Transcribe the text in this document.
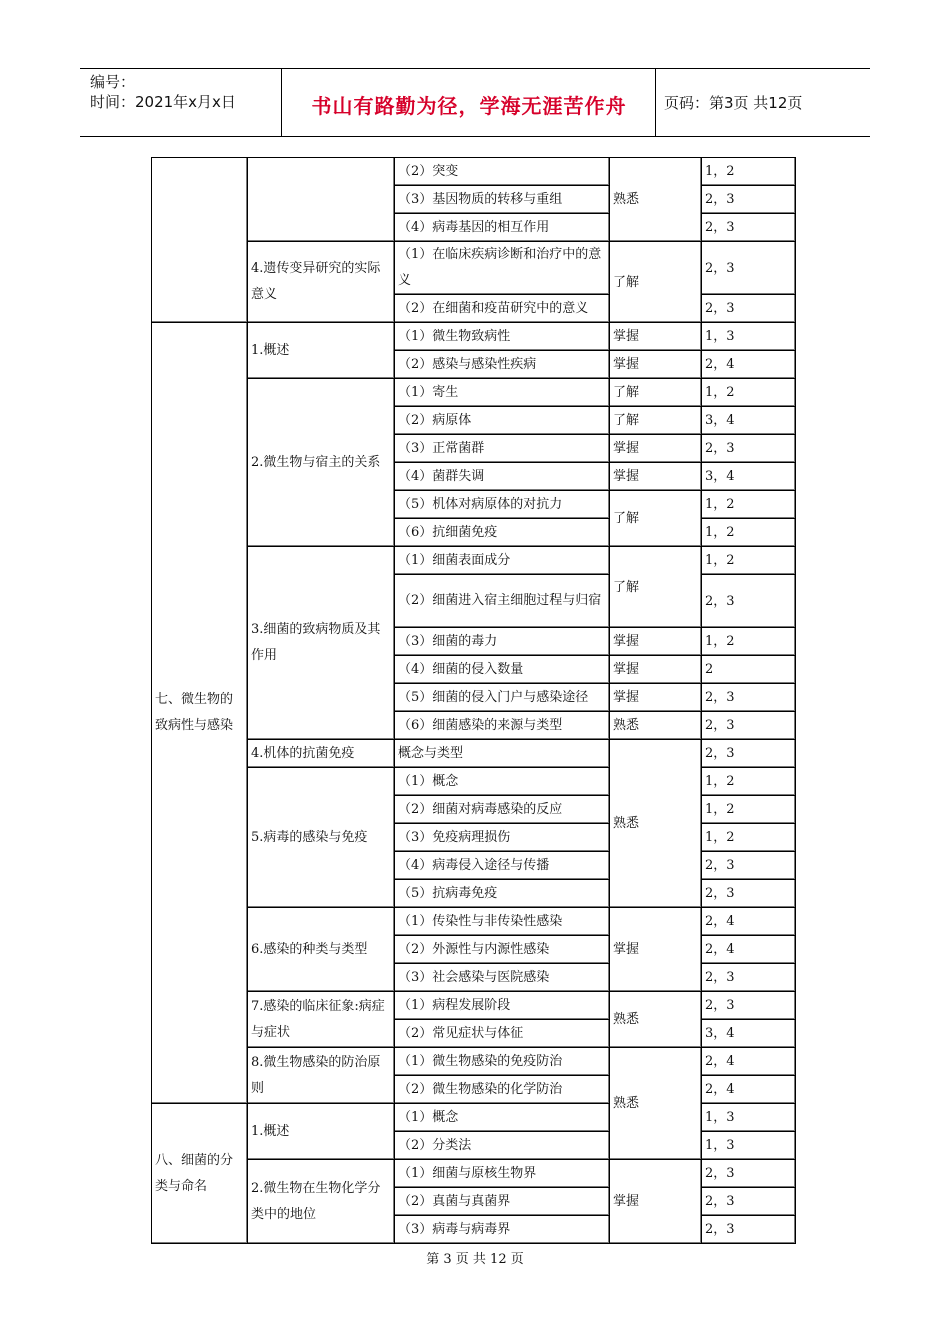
编号：
时间：2021年x月x日	书山有路勤为径，学海无涯苦作舟	页码：第3页 共12页
		（2）突变	熟悉	1，2
		（3）基因物质的转移与重组		2，3
		（4）病毒基因的相互作用		2，3
	4.遗传变异研究的实际意义	（1）在临床疾病诊断和治疗中的意义	了解	2，3
		（2）在细菌和疫苗研究中的意义		2，3
七、微生物的致病性与感染	1.概述	（1）微生物致病性	掌握	1，3
		（2）感染与感染性疾病	掌握	2，4
	2.微生物与宿主的关系	（1）寄生	了解	1，2
		（2）病原体	了解	3，4
		（3）正常菌群	掌握	2，3
		（4）菌群失调	掌握	3，4
		（5）机体对病原体的对抗力	了解	1，2
		（6）抗细菌免疫		1，2
	3.细菌的致病物质及其作用	（1）细菌表面成分	了解	1，2
		（2）细菌进入宿主细胞过程与归宿		2，3
		（3）细菌的毒力	掌握	1，2
		（4）细菌的侵入数量	掌握	2
		（5）细菌的侵入门户与感染途径	掌握	2，3
		（6）细菌感染的来源与类型	熟悉	2，3
	4.机体的抗菌免疫	概念与类型	熟悉	2，3
	5.病毒的感染与免疫	（1）概念		1，2
		（2）细菌对病毒感染的反应		1，2
		（3）免疫病理损伤		1，2
		（4）病毒侵入途径与传播		2，3
		（5）抗病毒免疫		2，3
	6.感染的种类与类型	（1）传染性与非传染性感染	掌握	2，4
		（2）外源性与内源性感染		2，4
		（3）社会感染与医院感染		2，3
	7.感染的临床征象:病症与症状	（1）病程发展阶段	熟悉	2，3
		（2）常见症状与体征		3，4
	8.微生物感染的防治原则	（1）微生物感染的免疫防治	熟悉	2，4
		（2）微生物感染的化学防治		2，4
八、细菌的分类与命名	1.概述	（1）概念		1，3
		（2）分类法		1，3
	2.微生物在生物化学分类中的地位	（1）细菌与原核生物界	掌握	2，3
		（2）真菌与真菌界		2，3
		（3）病毒与病毒界		2，3
第 3 页 共 12 页
